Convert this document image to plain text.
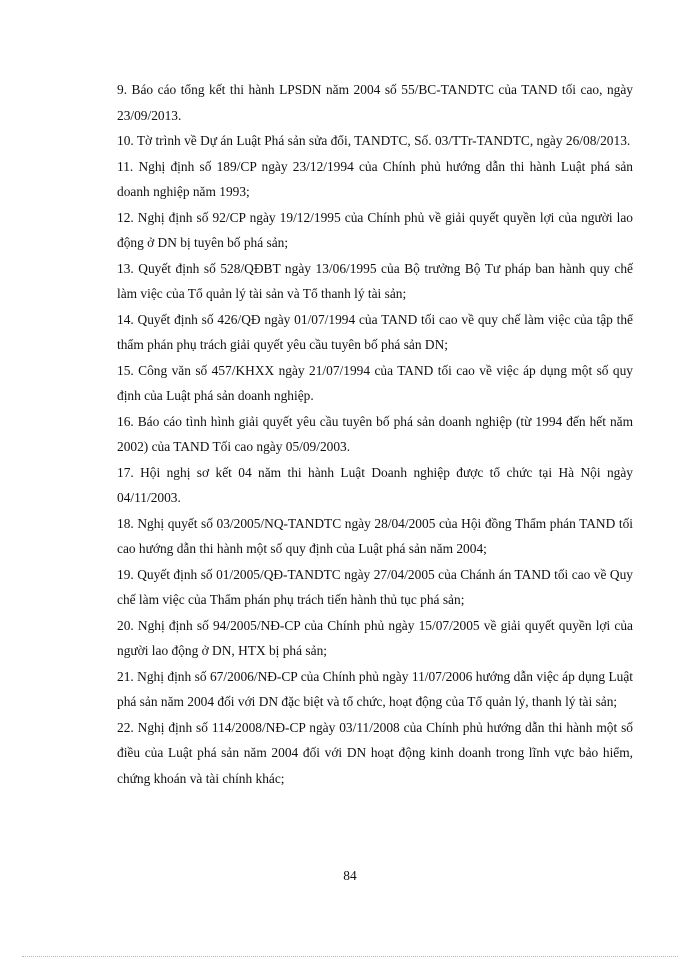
9. Báo cáo tổng kết thi hành LPSDN năm 2004 số 55/BC-TANDTC của TAND tối cao, ngày 23/09/2013.
10. Tờ trình về Dự án Luật Phá sản sửa đổi, TANDTC, Số. 03/TTr-TANDTC, ngày 26/08/2013.
11. Nghị định số 189/CP ngày 23/12/1994 của Chính phủ hướng dẫn thi hành Luật phá sản doanh nghiệp năm 1993;
12. Nghị định số 92/CP ngày 19/12/1995 của Chính phủ về giải quyết quyền lợi của người lao động ở DN bị tuyên bố phá sản;
13. Quyết định số 528/QĐBT ngày 13/06/1995 của Bộ trưởng Bộ Tư pháp ban hành quy chế làm việc của Tổ quản lý tài sản và Tổ thanh lý tài sản;
14. Quyết định số 426/QĐ ngày 01/07/1994 của TAND tối cao về quy chế làm việc của tập thể thẩm phán phụ trách giải quyết yêu cầu tuyên bố phá sản DN;
15. Công văn số 457/KHXX ngày 21/07/1994 của TAND tối cao về việc áp dụng một số quy định của Luật phá sản doanh nghiệp.
16. Báo cáo tình hình giải quyết yêu cầu tuyên bố phá sản doanh nghiệp (từ 1994 đến hết năm 2002) của TAND Tối cao ngày 05/09/2003.
17. Hội nghị sơ kết 04 năm thi hành Luật Doanh nghiệp được tổ chức tại Hà Nội ngày 04/11/2003.
18. Nghị quyết số 03/2005/NQ-TANDTC ngày 28/04/2005 của Hội đồng Thẩm phán TAND tối cao hướng dẫn thi hành một số quy định của Luật phá sản năm 2004;
19. Quyết định số 01/2005/QĐ-TANDTC ngày 27/04/2005 của Chánh án TAND tối cao về Quy chế làm việc của Thẩm phán phụ trách tiến hành thủ tục phá sản;
20. Nghị định số 94/2005/NĐ-CP của Chính phủ ngày 15/07/2005 về giải quyết quyền lợi của người lao động ở DN, HTX bị phá sản;
21. Nghị định số 67/2006/NĐ-CP của Chính phủ ngày 11/07/2006 hướng dẫn việc áp dụng Luật phá sản năm 2004 đối với DN đặc biệt và tổ chức, hoạt động của Tổ quản lý, thanh lý tài sản;
22. Nghị định số 114/2008/NĐ-CP ngày 03/11/2008 của Chính phủ hướng dẫn thi hành một số điều của Luật phá sản năm 2004 đối với DN hoạt động kinh doanh trong lĩnh vực bảo hiểm, chứng khoán và tài chính khác;
84
